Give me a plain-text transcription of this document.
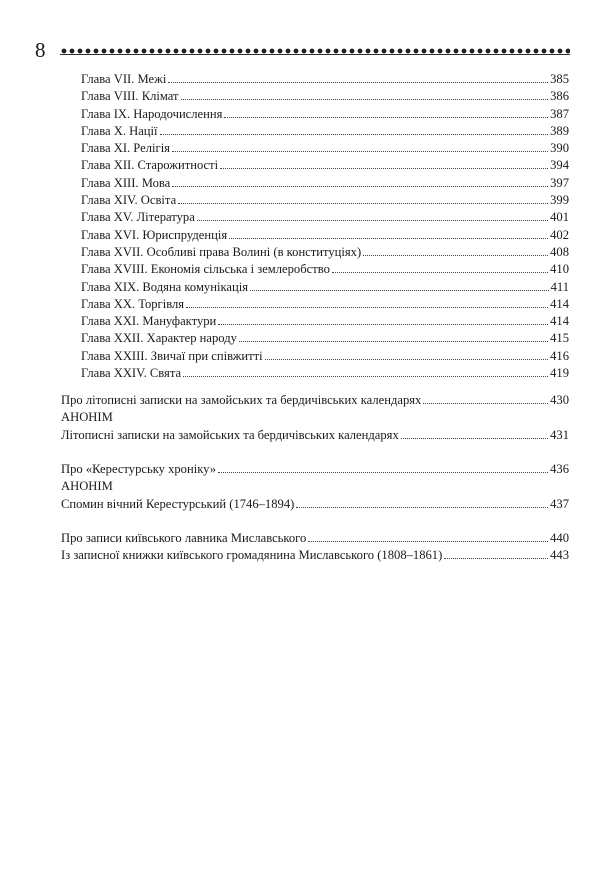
8
Глава VII. Межі	385
Глава VIII. Клімат	386
Глава IX. Народочислення	387
Глава X. Нації	389
Глава XI. Релігія	390
Глава XII. Старожитності	394
Глава XIII. Мова	397
Глава XIV. Освіта	399
Глава XV. Література	401
Глава XVI. Юриспруденція	402
Глава XVII. Особливі права Волині (в конституціях)	408
Глава XVIII. Економія сільська і землеробство	410
Глава XIX. Водяна комунікація	411
Глава XX. Торгівля	414
Глава XXI. Мануфактури	414
Глава XXII. Характер народу	415
Глава XXIII. Звичаї при співжитті	416
Глава XXIV. Свята	419
Про літописні записки на замойських та бердичівських календарях	430
АНОНІМ
Літописні записки на замойських та бердичівських календарях	431
Про «Керестурську хроніку»	436
АНОНІМ
Спомин вічний Керестурський (1746–1894)	437
Про записи київського лавника Миславського	440
Із записної книжки київського громадянина Миславського (1808–1861)	443
